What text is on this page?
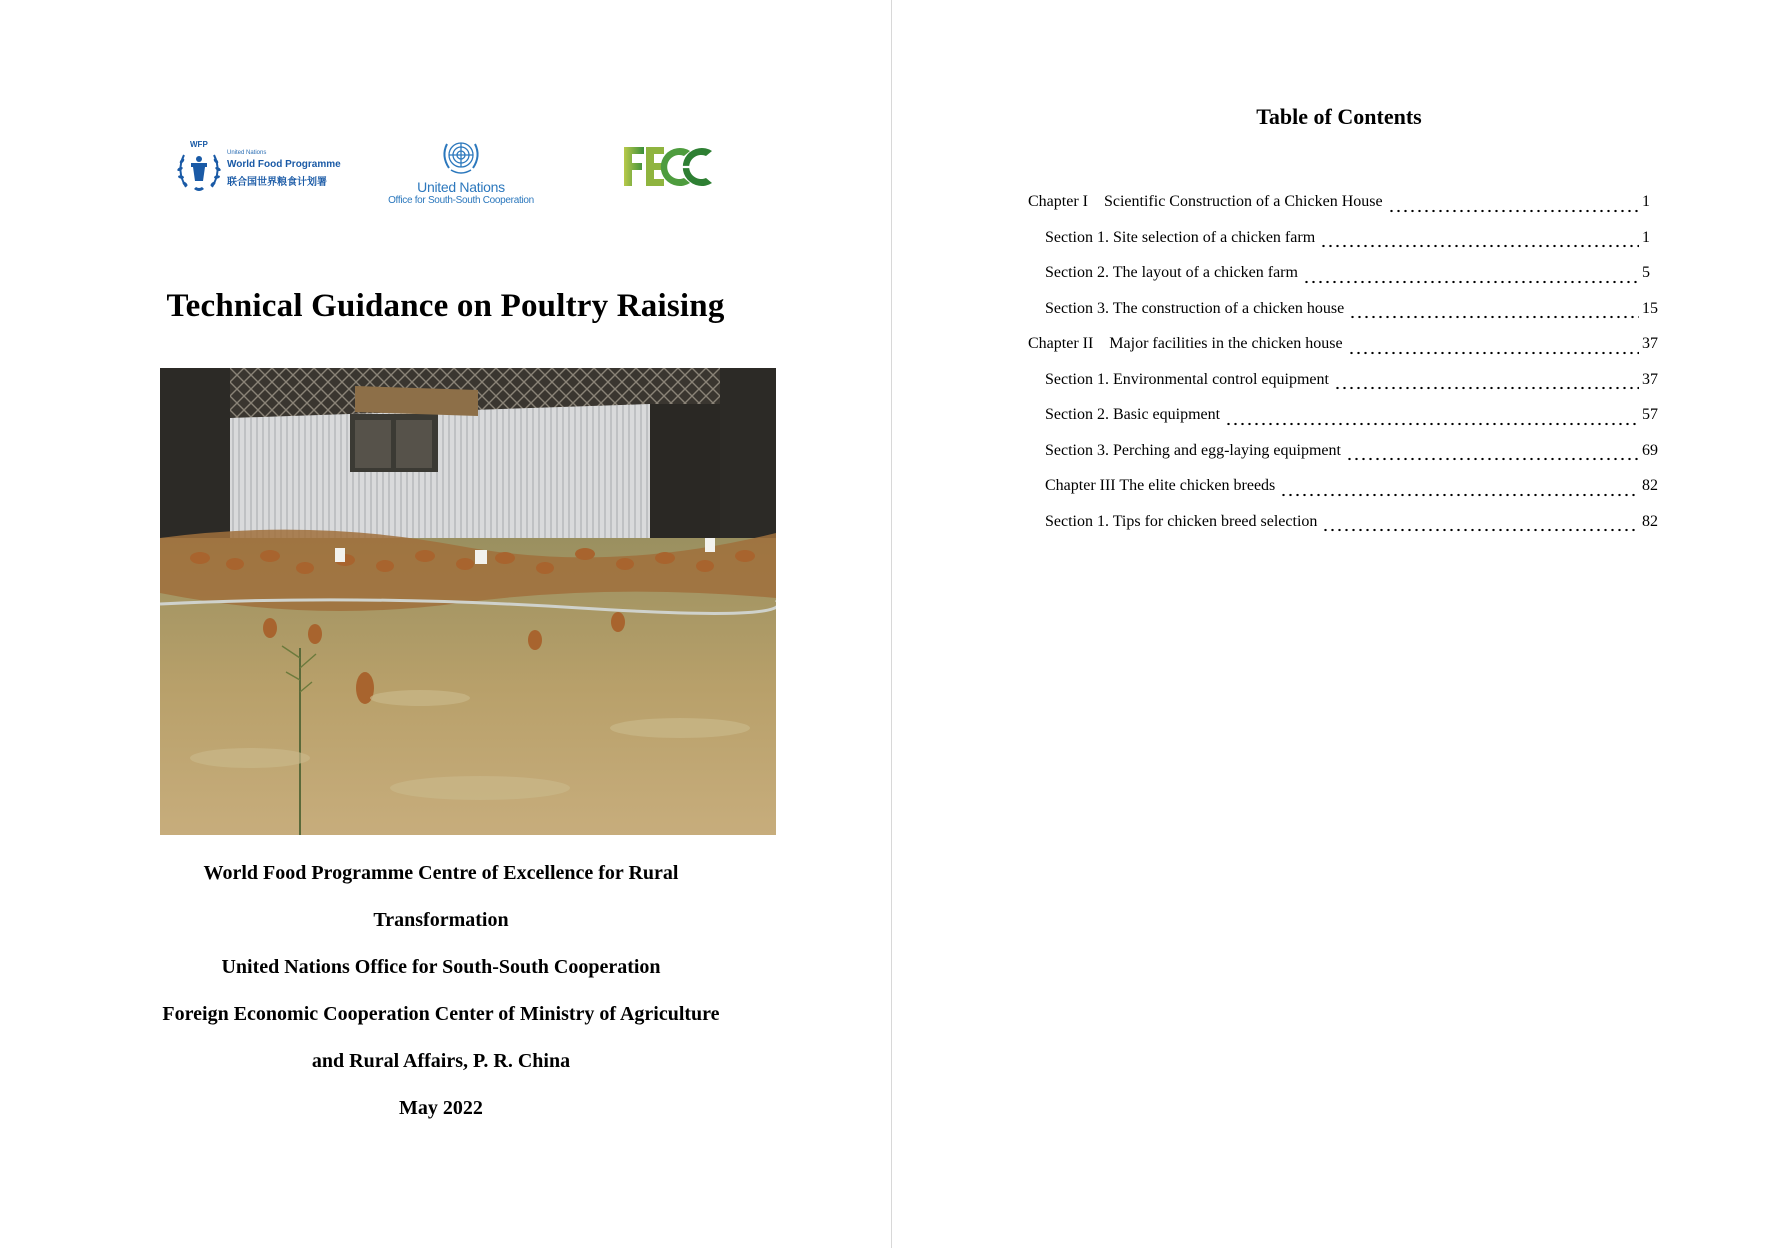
WFP
United Nations
World Food Programme
联合国世界粮食计划署	United Nations
Office for South-South Cooperation
Technical Guidance on Poultry Raising
World Food Programme Centre of Excellence for Rural
Transformation
United Nations Office for South-South Cooperation
Foreign Economic Cooperation Center of Ministry of Agriculture
and Rural Affairs, P. R. China
May 2022
Table of Contents
Chapter I    Scientific Construction of a Chicken House	1
Section 1. Site selection of a chicken farm	1
Section 2. The layout of a chicken farm	5
Section 3. The construction of a chicken house	15
Chapter II    Major facilities in the chicken house	37
Section 1. Environmental control equipment	37
Section 2. Basic equipment	57
Section 3. Perching and egg-laying equipment	69
Chapter III The elite chicken breeds	82
Section 1. Tips for chicken breed selection	82
